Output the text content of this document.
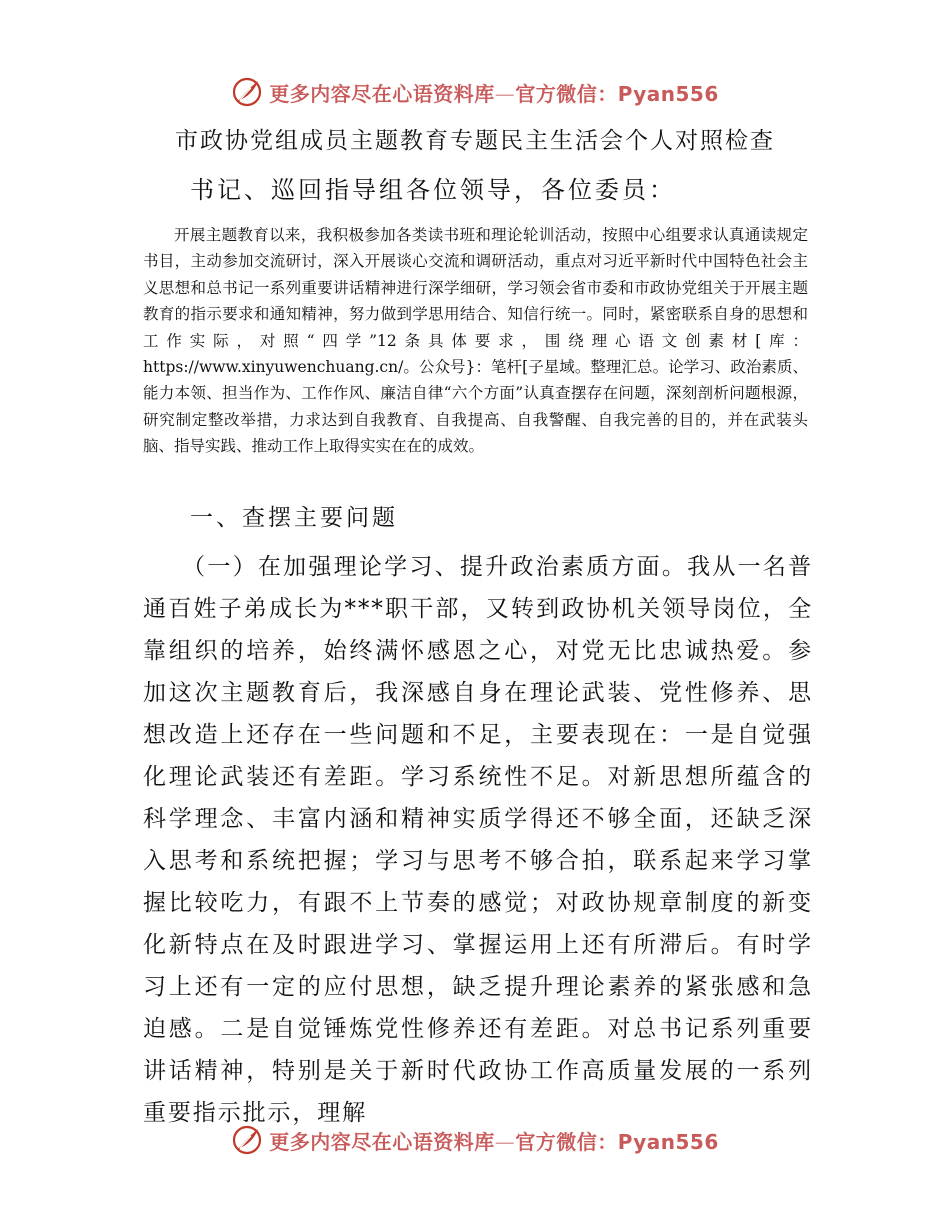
更多内容尽在心语资料库—官方微信：Pyan556
市政协党组成员主题教育专题民主生活会个人对照检查

书记、巡回指导组各位领导，各位委员：

开展主题教育以来，我积极参加各类读书班和理论轮训活动，按照中心组要求认真通读规定书目，主动参加交流研讨，深入开展谈心交流和调研活动，重点对习近平新时代中国特色社会主义思想和总书记一系列重要讲话精神进行深学细研，学习领会省市委和市政协党组关于开展主题教育的指示要求和通知精神，努力做到学思用结合、知信行统一。同时，紧密联系自身的思想和工作实际，对照“四学”12条具体要求，围绕理心语文创素材[库：https://www.xinyuwenchuang.cn/。公众号}：笔杆[子星域。整理汇总。论学习、政治素质、能力本领、担当作为、工作作风、廉洁自律“六个方面”认真查摆存在问题，深刻剖析问题根源，研究制定整改举措，力求达到自我教育、自我提高、自我警醒、自我完善的目的，并在武装头脑、指导实践、推动工作上取得实实在在的成效。

一、查摆主要问题

（一）在加强理论学习、提升政治素质方面。我从一名普通百姓子弟成长为***职干部，又转到政协机关领导岗位，全靠组织的培养，始终满怀感恩之心，对党无比忠诚热爱。参加这次主题教育后，我深感自身在理论武装、党性修养、思想改造上还存在一些问题和不足，主要表现在：一是自觉强化理论武装还有差距。学习系统性不足。对新思想所蕴含的科学理念、丰富内涵和精神实质学得还不够全面，还缺乏深入思考和系统把握；学习与思考不够合拍，联系起来学习掌握比较吃力，有跟不上节奏的感觉；对政协规章制度的新变化新特点在及时跟进学习、掌握运用上还有所滞后。有时学习上还有一定的应付思想，缺乏提升理论素养的紧张感和急迫感。二是自觉锤炼党性修养还有差距。对总书记系列重要讲话精神，特别是关于新时代政协工作高质量发展的一系列重要指示批示，理解

更多内容尽在心语资料库—官方微信：Pyan556
